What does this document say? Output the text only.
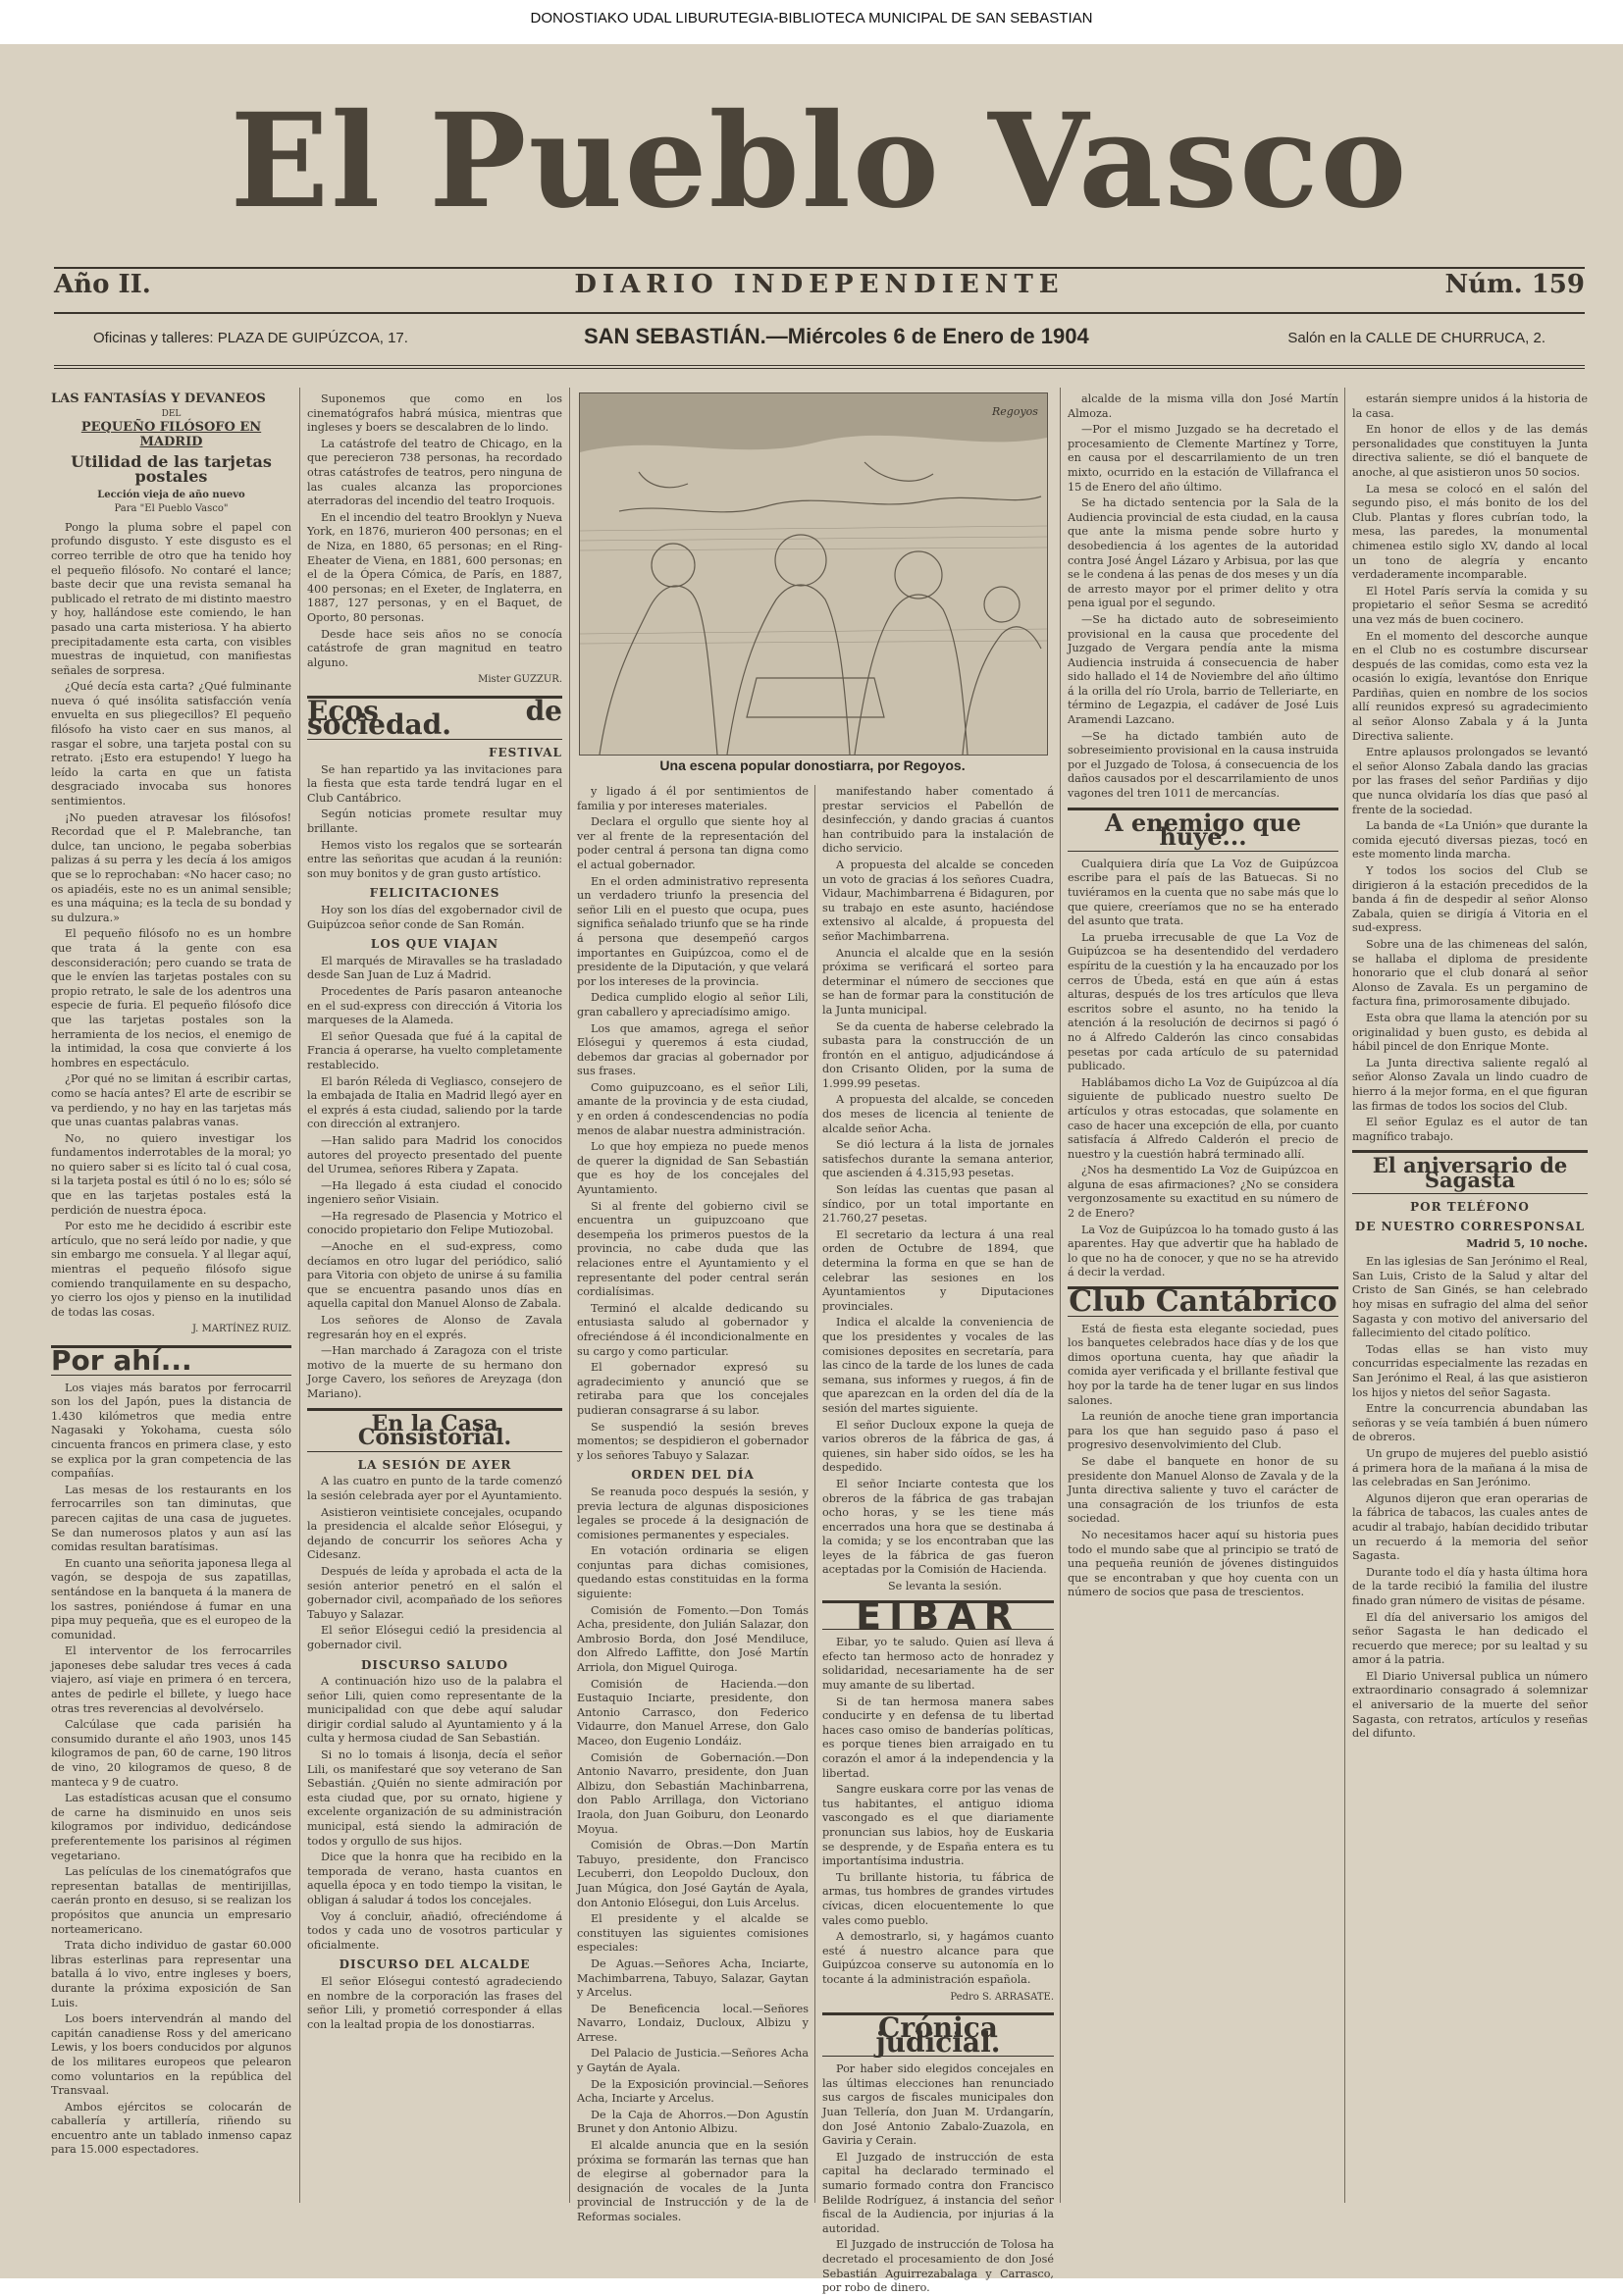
DONOSTIAKO UDAL LIBURUTEGIA-BIBLIOTECA MUNICIPAL DE SAN SEBASTIAN
El Pueblo Vasco
Año II.	DIARIO INDEPENDIENTE	Núm. 159
Oficinas y talleres: PLAZA DE GUIPÚZCOA, 17.	SAN SEBASTIÁN.—Miércoles 6 de Enero de 1904	Salón en la CALLE DE CHURRUCA, 2.
LAS FANTASÍAS Y DEVANEOS
DEL
PEQUEÑO FILÓSOFO EN MADRID
Utilidad de las tarjetas postales
Lección vieja de año nuevo
Para "El Pueblo Vasco"

Pongo la pluma sobre el papel con profundo disgusto. Y este disgusto es el correo terrible de otro que ha tenido hoy el pequeño filósofo. No contaré el lance; baste decir que una revista semanal ha publicado el retrato de mi distinto maestro y hoy, hallándose este comiendo, le han pasado una carta misteriosa. Y ha abierto precipitadamente esta carta, con visibles muestras de inquietud, con manifiestas señales de sorpresa.

¿Qué decía esta carta? ¿Qué fulminante nueva ó qué insólita satisfacción venía envuelta en sus pliegecillos? El pequeño filósofo ha visto caer en sus manos, al rasgar el sobre, una tarjeta postal con su retrato. ¡Esto era estupendo! Y luego ha leído la carta en que un fatista desgraciado invocaba sus honores sentimientos.

¡No pueden atravesar los filósofos! Recordad que el P. Malebranche, tan dulce, tan unciono, le pegaba soberbias palizas á su perra y les decía á los amigos que se lo reprochaban: «No hacer caso; no os apiadéis, este no es un animal sensible; es una máquina; es la tecla de su bondad y su dulzura.»

El pequeño filósofo no es un hombre que trata á la gente con esa desconsideración; pero cuando se trata de que le envíen las tarjetas postales con su propio retrato, le sale de los adentros una especie de furia. El pequeño filósofo dice que las tarjetas postales son la herramienta de los necios, el enemigo de la intimidad, la cosa que convierte á los hombres en espectáculo.

¿Por qué no se limitan á escribir cartas, como se hacía antes? El arte de escribir se va perdiendo, y no hay en las tarjetas más que unas cuantas palabras vanas.

No, no quiero investigar los fundamentos inderrotables de la moral; yo no quiero saber si es lícito tal ó cual cosa, si la tarjeta postal es útil ó no lo es; sólo sé que en las tarjetas postales está la perdición de nuestra época.

Por esto me he decidido á escribir este artículo, que no será leído por nadie, y que sin embargo me consuela. Y al llegar aquí, mientras el pequeño filósofo sigue comiendo tranquilamente en su despacho, yo cierro los ojos y pienso en la inutilidad de todas las cosas.

J. MARTÍNEZ RUIZ.
Por ahí...

Los viajes más baratos por ferrocarril son los del Japón, pues la distancia de 1.430 kilómetros que media entre Nagasaki y Yokohama, cuesta sólo cincuenta francos en primera clase, y esto se explica por la gran competencia de las compañías.

Las mesas de los restaurants en los ferrocarriles son tan diminutas, que parecen cajitas de una casa de juguetes. Se dan numerosos platos y aun así las comidas resultan baratísimas.

En cuanto una señorita japonesa llega al vagón, se despoja de sus zapatillas, sentándose en la banqueta á la manera de los sastres, poniéndose á fumar en una pipa muy pequeña, que es el europeo de la comunidad.

El interventor de los ferrocarriles japoneses debe saludar tres veces á cada viajero, así viaje en primera ó en tercera, antes de pedirle el billete, y luego hace otras tres reverencias al devolvérselo.

Calcúlase que cada parisién ha consumido durante el año 1903, unos 145 kilogramos de pan, 60 de carne, 190 litros de vino, 20 kilogramos de queso, 8 de manteca y 9 de cuatro.

Las estadísticas acusan que el consumo de carne ha disminuido en unos seis kilogramos por individuo, dedicándose preferentemente los parisinos al régimen vegetariano.

Las películas de los cinematógrafos que representan batallas de mentirijillas, caerán pronto en desuso, si se realizan los propósitos que anuncia un empresario norteamericano.

Trata dicho individuo de gastar 60.000 libras esterlinas para representar una batalla á lo vivo, entre ingleses y boers, durante la próxima exposición de San Luis.

Los boers intervendrán al mando del capitán canadiense Ross y del americano Lewis, y los boers conducidos por algunos de los militares europeos que pelearon como voluntarios en la república del Transvaal.

Ambos ejércitos se colocarán de caballería y artillería, riñendo su encuentro ante un tablado inmenso capaz para 15.000 espectadores.

Suponemos que como en los cinematógrafos habrá música, mientras que ingleses y boers se descalabren de lo lindo.

La catástrofe del teatro de Chicago, en la que perecieron 738 personas, ha recordado otras catástrofes de teatros, pero ninguna de las cuales alcanza las proporciones aterradoras del incendio del teatro Iroquois.

En el incendio del teatro Brooklyn y Nueva York, en 1876, murieron 400 personas; en el de Niza, en 1880, 65 personas; en el Ring-Eheater de Viena, en 1881, 600 personas; en el de la Ópera Cómica, de París, en 1887, 400 personas; en el Exeter, de Inglaterra, en 1887, 127 personas, y en el Baquet, de Oporto, 80 personas.

Desde hace seis años no se conocía catástrofe de gran magnitud en teatro alguno.

Mister GUZZUR.
Ecos de sociedad.
FESTIVAL

Se han repartido ya las invitaciones para la fiesta que esta tarde tendrá lugar en el Club Cantábrico.

Según noticias promete resultar muy brillante.

Hemos visto los regalos que se sortearán entre las señoritas que acudan á la reunión: son muy bonitos y de gran gusto artístico.

FELICITACIONES

Hoy son los días del exgobernador civil de Guipúzcoa señor conde de San Román.

LOS QUE VIAJAN

El marqués de Miravalles se ha trasladado desde San Juan de Luz á Madrid.

Procedentes de París pasaron anteanoche en el sud-express con dirección á Vitoria los marqueses de la Alameda.

El señor Quesada que fué á la capital de Francia á operarse, ha vuelto completamente restablecido.

El barón Réleda di Vegliasco, consejero de la embajada de Italia en Madrid llegó ayer en el exprés á esta ciudad, saliendo por la tarde con dirección al extranjero.

—Han salido para Madrid los conocidos autores del proyecto presentado del puente del Urumea, señores Ribera y Zapata.

—Ha llegado á esta ciudad el conocido ingeniero señor Visiain.

—Ha regresado de Plasencia y Motrico el conocido propietario don Felipe Mutiozobal.

—Anoche en el sud-express, como decíamos en otro lugar del periódico, salió para Vitoria con objeto de unirse á su familia que se encuentra pasando unos días en aquella capital don Manuel Alonso de Zabala.

Los señores de Alonso de Zavala regresarán hoy en el exprés.

—Han marchado á Zaragoza con el triste motivo de la muerte de su hermano don Jorge Cavero, los señores de Areyzaga (don Mariano).

En la Casa Consistorial.
LA SESIÓN DE AYER

A las cuatro en punto de la tarde comenzó la sesión celebrada ayer por el Ayuntamiento.

Asistieron veintisiete concejales, ocupando la presidencia el alcalde señor Elósegui, y dejando de concurrir los señores Acha y Cidesanz.

Después de leída y aprobada el acta de la sesión anterior penetró en el salón el gobernador civil, acompañado de los señores Tabuyo y Salazar.

El señor Elósegui cedió la presidencia al gobernador civil.

DISCURSO SALUDO

A continuación hizo uso de la palabra el señor Lili, quien como representante de la municipalidad con que debe aquí saludar dirigir cordial saludo al Ayuntamiento y á la culta y hermosa ciudad de San Sebastián.

Si no lo tomais á lisonja, decía el señor Lili, os manifestaré que soy veterano de San Sebastián. ¿Quién no siente admiración por esta ciudad que, por su ornato, higiene y excelente organización de su administración municipal, está siendo la admiración de todos y orgullo de sus hijos.

Dice que la honra que ha recibido en la temporada de verano, hasta cuantos en aquella época y en todo tiempo la visitan, le obligan á saludar á todos los concejales.

Voy á concluir, añadió, ofreciéndome á todos y cada uno de vosotros particular y oficialmente.

DISCURSO DEL ALCALDE

El señor Elósegui contestó agradeciendo en nombre de la corporación las frases del señor Lili, y prometió corresponder á ellas con la lealtad propia de los donostiarras.

Regoyos
Una escena popular donostiarra, por Regoyos.

y ligado á él por sentimientos de familia y por intereses materiales.

Declara el orgullo que siente hoy al ver al frente de la representación del poder central á persona tan digna como el actual gobernador.

En el orden administrativo representa un verdadero triunfo la presencia del señor Lili en el puesto que ocupa, pues significa señalado triunfo que se ha rinde á persona que desempeñó cargos importantes en Guipúzcoa, como el de presidente de la Diputación, y que velará por los intereses de la provincia.

Dedica cumplido elogio al señor Lili, gran caballero y apreciadísimo amigo.

Los que amamos, agrega el señor Elósegui y queremos á esta ciudad, debemos dar gracias al gobernador por sus frases.

Como guipuzcoano, es el señor Lili, amante de la provincia y de esta ciudad, y en orden á condescendencias no podía menos de alabar nuestra administración.

Lo que hoy empieza no puede menos de querer la dignidad de San Sebastián que es hoy de los concejales del Ayuntamiento.

Si al frente del gobierno civil se encuentra un guipuzcoano que desempeña los primeros puestos de la provincia, no cabe duda que las relaciones entre el Ayuntamiento y el representante del poder central serán cordialísimas.

Terminó el alcalde dedicando su entusiasta saludo al gobernador y ofreciéndose á él incondicionalmente en su cargo y como particular.

El gobernador expresó su agradecimiento y anunció que se retiraba para que los concejales pudieran consagrarse á su labor.

Se suspendió la sesión breves momentos; se despidieron el gobernador y los señores Tabuyo y Salazar.

ORDEN DEL DÍA

Se reanuda poco después la sesión, y previa lectura de algunas disposiciones legales se procede á la designación de comisiones permanentes y especiales.

En votación ordinaria se eligen conjuntas para dichas comisiones, quedando estas constituidas en la forma siguiente:

Comisión de Fomento.—Don Tomás Acha, presidente, don Julián Salazar, don Ambrosio Borda, don José Mendiluce, don Alfredo Laffitte, don José Martín Arriola, don Miguel Quiroga.

Comisión de Hacienda.—don Eustaquio Inciarte, presidente, don Antonio Carrasco, don Federico Vidaurre, don Manuel Arrese, don Galo Maceo, don Eugenio Londáiz.

Comisión de Gobernación.—Don Antonio Navarro, presidente, don Juan Albizu, don Sebastián Machinbarrena, don Pablo Arrillaga, don Victoriano Iraola, don Juan Goiburu, don Leonardo Moyua.

Comisión de Obras.—Don Martín Tabuyo, presidente, don Francisco Lecuberri, don Leopoldo Ducloux, don Juan Múgica, don José Gaytán de Ayala, don Antonio Elósegui, don Luis Arcelus.

El presidente y el alcalde se constituyen las siguientes comisiones especiales:

De Aguas.—Señores Acha, Inciarte, Machimbarrena, Tabuyo, Salazar, Gaytan y Arcelus.

De Beneficencia local.—Señores Navarro, Londaiz, Ducloux, Albizu y Arrese.

Del Palacio de Justicia.—Señores Acha y Gaytán de Ayala.

De la Exposición provincial.—Señores Acha, Inciarte y Arcelus.

De la Caja de Ahorros.—Don Agustín Brunet y don Antonio Albizu.

El alcalde anuncia que en la sesión próxima se formarán las ternas que han de elegirse al gobernador para la designación de vocales de la Junta provincial de Instrucción y de la de Reformas sociales.

manifestando haber comentado á prestar servicios el Pabellón de desinfección, y dando gracias á cuantos han contribuido para la instalación de dicho servicio.

A propuesta del alcalde se conceden un voto de gracias á los señores Cuadra, Vidaur, Machimbarrena é Bidaguren, por su trabajo en este asunto, haciéndose extensivo al alcalde, á propuesta del señor Machimbarrena.

Anuncia el alcalde que en la sesión próxima se verificará el sorteo para determinar el número de secciones que se han de formar para la constitución de la Junta municipal.

Se da cuenta de haberse celebrado la subasta para la construcción de un frontón en el antiguo, adjudicándose á don Crisanto Oliden, por la suma de 1.999.99 pesetas.

A propuesta del alcalde, se conceden dos meses de licencia al teniente de alcalde señor Acha.

Se dió lectura á la lista de jornales satisfechos durante la semana anterior, que ascienden á 4.315,93 pesetas.

Son leídas las cuentas que pasan al síndico, por un total importante en 21.760,27 pesetas.

El secretario da lectura á una real orden de Octubre de 1894, que determina la forma en que se han de celebrar las sesiones en los Ayuntamientos y Diputaciones provinciales.

Indica el alcalde la conveniencia de que los presidentes y vocales de las comisiones deposites en secretaría, para las cinco de la tarde de los lunes de cada semana, sus informes y ruegos, á fin de que aparezcan en la orden del día de la sesión del martes siguiente.

El señor Ducloux expone la queja de varios obreros de la fábrica de gas, á quienes, sin haber sido oídos, se les ha despedido.

El señor Inciarte contesta que los obreros de la fábrica de gas trabajan ocho horas, y se les tiene más encerrados una hora que se destinaba á la comida; y se los encontraban que las leyes de la fábrica de gas fueron aceptadas por la Comisión de Hacienda.

Se levanta la sesión.

EIBAR

Eibar, yo te saludo. Quien así lleva á efecto tan hermoso acto de honradez y solidaridad, necesariamente ha de ser muy amante de su libertad.

Si de tan hermosa manera sabes conducirte y en defensa de tu libertad haces caso omiso de banderías políticas, es porque tienes bien arraigado en tu corazón el amor á la independencia y la libertad.

Sangre euskara corre por las venas de tus habitantes, el antiguo idioma vascongado es el que diariamente pronuncian sus labios, hoy de Euskaria se desprende, y de España entera es tu importantísima industria.

Tu brillante historia, tu fábrica de armas, tus hombres de grandes virtudes cívicas, dicen elocuentemente lo que vales como pueblo.

A demostrarlo, si, y hagámos cuanto esté á nuestro alcance para que Guipúzcoa conserve su autonomía en lo tocante á la administración española.

Pedro S. ARRASATE.
Crónica judicial.

Por haber sido elegidos concejales en las últimas elecciones han renunciado sus cargos de fiscales municipales don Juan Tellería, don Juan M. Urdangarín, don José Antonio Zabalo-Zuazola, en Gaviria y Cerain.

El Juzgado de instrucción de esta capital ha declarado terminado el sumario formado contra don Francisco Belilde Rodríguez, á instancia del señor fiscal de la Audiencia, por injurias á la autoridad.

El Juzgado de instrucción de Tolosa ha decretado el procesamiento de don José Sebastián Aguirrezabalaga y Carrasco, por robo de dinero.

alcalde de la misma villa don José Martín Almoza.

—Por el mismo Juzgado se ha decretado el procesamiento de Clemente Martínez y Torre, en causa por el descarrilamiento de un tren mixto, ocurrido en la estación de Villafranca el 15 de Enero del año último.

Se ha dictado sentencia por la Sala de la Audiencia provincial de esta ciudad, en la causa que ante la misma pende sobre hurto y desobediencia á los agentes de la autoridad contra José Ángel Lázaro y Arbisua, por las que se le condena á las penas de dos meses y un día de arresto mayor por el primer delito y otra pena igual por el segundo.

—Se ha dictado auto de sobreseimiento provisional en la causa que procedente del Juzgado de Vergara pendía ante la misma Audiencia instruida á consecuencia de haber sido hallado el 14 de Noviembre del año último á la orilla del río Urola, barrio de Telleriarte, en término de Legazpia, el cadáver de José Luis Aramendi Lazcano.

—Se ha dictado también auto de sobreseimiento provisional en la causa instruida por el Juzgado de Tolosa, á consecuencia de los daños causados por el descarrilamiento de unos vagones del tren 1011 de mercancías.

A enemigo que huye...

Cualquiera diría que La Voz de Guipúzcoa escribe para el país de las Batuecas. Si no tuviéramos en la cuenta que no sabe más que lo que quiere, creeríamos que no se ha enterado del asunto que trata.

La prueba irrecusable de que La Voz de Guipúzcoa se ha desentendido del verdadero espíritu de la cuestión y la ha encauzado por los cerros de Úbeda, está en que aún á estas alturas, después de los tres artículos que lleva escritos sobre el asunto, no ha tenido la atención á la resolución de decirnos si pagó ó no á Alfredo Calderón las cinco consabidas pesetas por cada artículo de su paternidad publicado.

Hablábamos dicho La Voz de Guipúzcoa al día siguiente de publicado nuestro suelto De artículos y otras estocadas, que solamente en caso de hacer una excepción de ella, por cuanto satisfacía á Alfredo Calderón el precio de nuestro y la cuestión habrá terminado allí.

¿Nos ha desmentido La Voz de Guipúzcoa en alguna de esas afirmaciones? ¿No se considera vergonzosamente su exactitud en su número de 2 de Enero?

La Voz de Guipúzcoa lo ha tomado gusto á las aparentes. Hay que advertir que ha hablado de lo que no ha de conocer, y que no se ha atrevido á decir la verdad.

Club Cantábrico

Está de fiesta esta elegante sociedad, pues los banquetes celebrados hace días y de los que dimos oportuna cuenta, hay que añadir la comida ayer verificada y el brillante festival que hoy por la tarde ha de tener lugar en sus lindos salones.

La reunión de anoche tiene gran importancia para los que han seguido paso á paso el progresivo desenvolvimiento del Club.

Se dabe el banquete en honor de su presidente don Manuel Alonso de Zavala y de la Junta directiva saliente y tuvo el carácter de una consagración de los triunfos de esta sociedad.

No necesitamos hacer aquí su historia pues todo el mundo sabe que al principio se trató de una pequeña reunión de jóvenes distinguidos que se encontraban y que hoy cuenta con un número de socios que pasa de trescientos.

estarán siempre unidos á la historia de la casa.

En honor de ellos y de las demás personalidades que constituyen la Junta directiva saliente, se dió el banquete de anoche, al que asistieron unos 50 socios.

La mesa se colocó en el salón del segundo piso, el más bonito de los del Club. Plantas y flores cubrían todo, la mesa, las paredes, la monumental chimenea estilo siglo XV, dando al local un tono de alegría y encanto verdaderamente incomparable.

El Hotel París servía la comida y su propietario el señor Sesma se acreditó una vez más de buen cocinero.

En el momento del descorche aunque en el Club no es costumbre discursear después de las comidas, como esta vez la ocasión lo exigía, levantóse don Enrique Pardiñas, quien en nombre de los socios allí reunidos expresó su agradecimiento al señor Alonso Zabala y á la Junta Directiva saliente.

Entre aplausos prolongados se levantó el señor Alonso Zabala dando las gracias por las frases del señor Pardiñas y dijo que nunca olvidaría los días que pasó al frente de la sociedad.

La banda de «La Unión» que durante la comida ejecutó diversas piezas, tocó en este momento linda marcha.

Y todos los socios del Club se dirigieron á la estación precedidos de la banda á fin de despedir al señor Alonso Zabala, quien se dirigía á Vitoria en el sud-express.

Sobre una de las chimeneas del salón, se hallaba el diploma de presidente honorario que el club donará al señor Alonso de Zavala. Es un pergamino de factura fina, primorosamente dibujado.

Esta obra que llama la atención por su originalidad y buen gusto, es debida al hábil pincel de don Enrique Monte.

La Junta directiva saliente regaló al señor Alonso Zavala un lindo cuadro de hierro á la mejor forma, en el que figuran las firmas de todos los socios del Club.

El señor Egulaz es el autor de tan magnífico trabajo.

El aniversario de Sagasta
POR TELÉFONO
DE NUESTRO CORRESPONSAL
Madrid 5, 10 noche.

En las iglesias de San Jerónimo el Real, San Luis, Cristo de la Salud y altar del Cristo de San Ginés, se han celebrado hoy misas en sufragio del alma del señor Sagasta y con motivo del aniversario del fallecimiento del citado político.

Todas ellas se han visto muy concurridas especialmente las rezadas en San Jerónimo el Real, á las que asistieron los hijos y nietos del señor Sagasta.

Entre la concurrencia abundaban las señoras y se veía también á buen número de obreros.

Un grupo de mujeres del pueblo asistió á primera hora de la mañana á la misa de las celebradas en San Jerónimo.

Algunos dijeron que eran operarias de la fábrica de tabacos, las cuales antes de acudir al trabajo, habían decidido tributar un recuerdo á la memoria del señor Sagasta.

Durante todo el día y hasta última hora de la tarde recibió la familia del ilustre finado gran número de visitas de pésame.

El día del aniversario los amigos del señor Sagasta le han dedicado el recuerdo que merece; por su lealtad y su amor á la patria.

El Diario Universal publica un número extraordinario consagrado á solemnizar el aniversario de la muerte del señor Sagasta, con retratos, artículos y reseñas del difunto.
